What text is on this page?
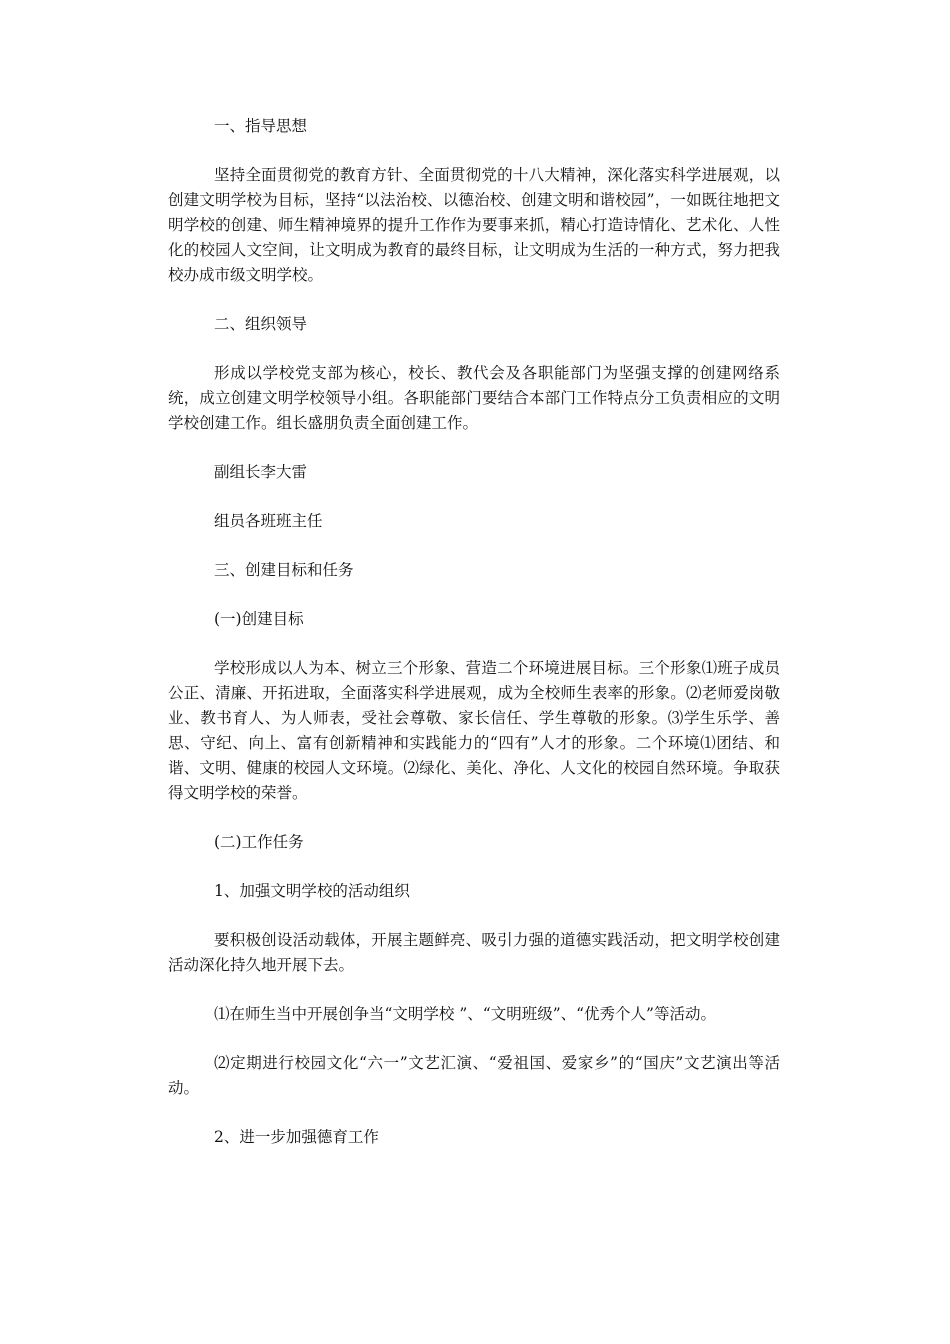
一、指导思想

坚持全面贯彻党的教育方针、全面贯彻党的十八大精神，深化落实科学进展观，以创建文明学校为目标，坚持“以法治校、以德治校、创建文明和谐校园”，一如既往地把文明学校的创建、师生精神境界的提升工作作为要事来抓，精心打造诗情化、艺术化、人性化的校园人文空间，让文明成为教育的最终目标，让文明成为生活的一种方式，努力把我校办成市级文明学校。

二、组织领导

形成以学校党支部为核心，校长、教代会及各职能部门为坚强支撑的创建网络系统，成立创建文明学校领导小组。各职能部门要结合本部门工作特点分工负责相应的文明学校创建工作。组长盛朋负责全面创建工作。

副组长李大雷

组员各班班主任

三、创建目标和任务

(一)创建目标

学校形成以人为本、树立三个形象、营造二个环境进展目标。三个形象⑴班子成员公正、清廉、开拓进取，全面落实科学进展观，成为全校师生表率的形象。⑵老师爱岗敬业、教书育人、为人师表，受社会尊敬、家长信任、学生尊敬的形象。⑶学生乐学、善思、守纪、向上、富有创新精神和实践能力的“四有”人才的形象。二个环境⑴团结、和谐、文明、健康的校园人文环境。⑵绿化、美化、净化、人文化的校园自然环境。争取获得文明学校的荣誉。

(二)工作任务

1、加强文明学校的活动组织

要积极创设活动载体，开展主题鲜亮、吸引力强的道德实践活动，把文明学校创建活动深化持久地开展下去。

⑴在师生当中开展创争当“文明学校 ”、“文明班级”、“优秀个人”等活动。

⑵定期进行校园文化“六一”文艺汇演、“爱祖国、爱家乡”的“国庆”文艺演出等活动。

2、进一步加强德育工作
